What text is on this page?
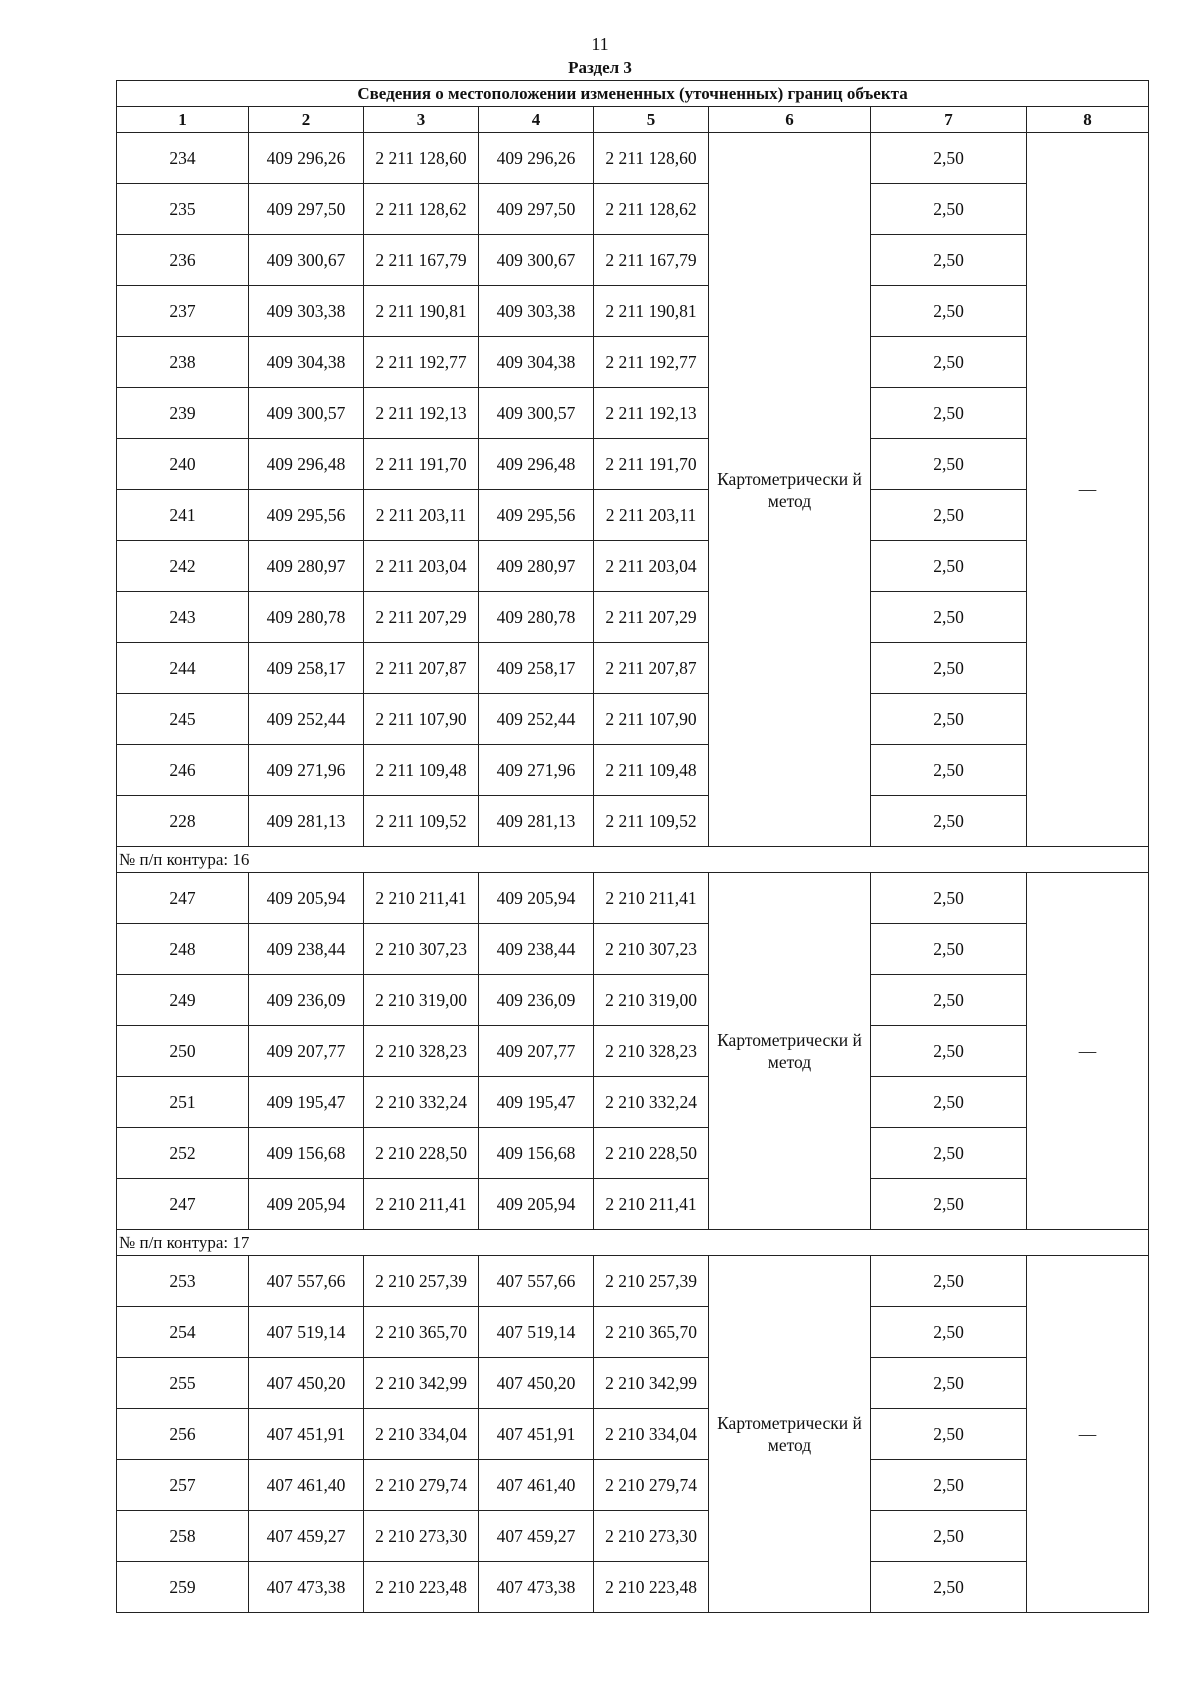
11
Раздел 3
Сведения о местоположении измененных (уточненных) границ объекта							
1	2	3	4	5	6	7	8
234	409 296,26	2 211 128,60	409 296,26	2 211 128,60	Картометрически й метод	2,50	—
235	409 297,50	2 211 128,62	409 297,50	2 211 128,62		2,50	
236	409 300,67	2 211 167,79	409 300,67	2 211 167,79		2,50	
237	409 303,38	2 211 190,81	409 303,38	2 211 190,81		2,50	
238	409 304,38	2 211 192,77	409 304,38	2 211 192,77		2,50	
239	409 300,57	2 211 192,13	409 300,57	2 211 192,13		2,50	
240	409 296,48	2 211 191,70	409 296,48	2 211 191,70		2,50	
241	409 295,56	2 211 203,11	409 295,56	2 211 203,11		2,50	
242	409 280,97	2 211 203,04	409 280,97	2 211 203,04		2,50	
243	409 280,78	2 211 207,29	409 280,78	2 211 207,29		2,50	
244	409 258,17	2 211 207,87	409 258,17	2 211 207,87		2,50	
245	409 252,44	2 211 107,90	409 252,44	2 211 107,90		2,50	
246	409 271,96	2 211 109,48	409 271,96	2 211 109,48		2,50	
228	409 281,13	2 211 109,52	409 281,13	2 211 109,52		2,50	
№ п/п контура: 16							
247	409 205,94	2 210 211,41	409 205,94	2 210 211,41	Картометрически й метод	2,50	—
248	409 238,44	2 210 307,23	409 238,44	2 210 307,23		2,50	
249	409 236,09	2 210 319,00	409 236,09	2 210 319,00		2,50	
250	409 207,77	2 210 328,23	409 207,77	2 210 328,23		2,50	
251	409 195,47	2 210 332,24	409 195,47	2 210 332,24		2,50	
252	409 156,68	2 210 228,50	409 156,68	2 210 228,50		2,50	
247	409 205,94	2 210 211,41	409 205,94	2 210 211,41		2,50	
№ п/п контура: 17							
253	407 557,66	2 210 257,39	407 557,66	2 210 257,39	Картометрически й метод	2,50	—
254	407 519,14	2 210 365,70	407 519,14	2 210 365,70		2,50	
255	407 450,20	2 210 342,99	407 450,20	2 210 342,99		2,50	
256	407 451,91	2 210 334,04	407 451,91	2 210 334,04		2,50	
257	407 461,40	2 210 279,74	407 461,40	2 210 279,74		2,50	
258	407 459,27	2 210 273,30	407 459,27	2 210 273,30		2,50	
259	407 473,38	2 210 223,48	407 473,38	2 210 223,48		2,50	
